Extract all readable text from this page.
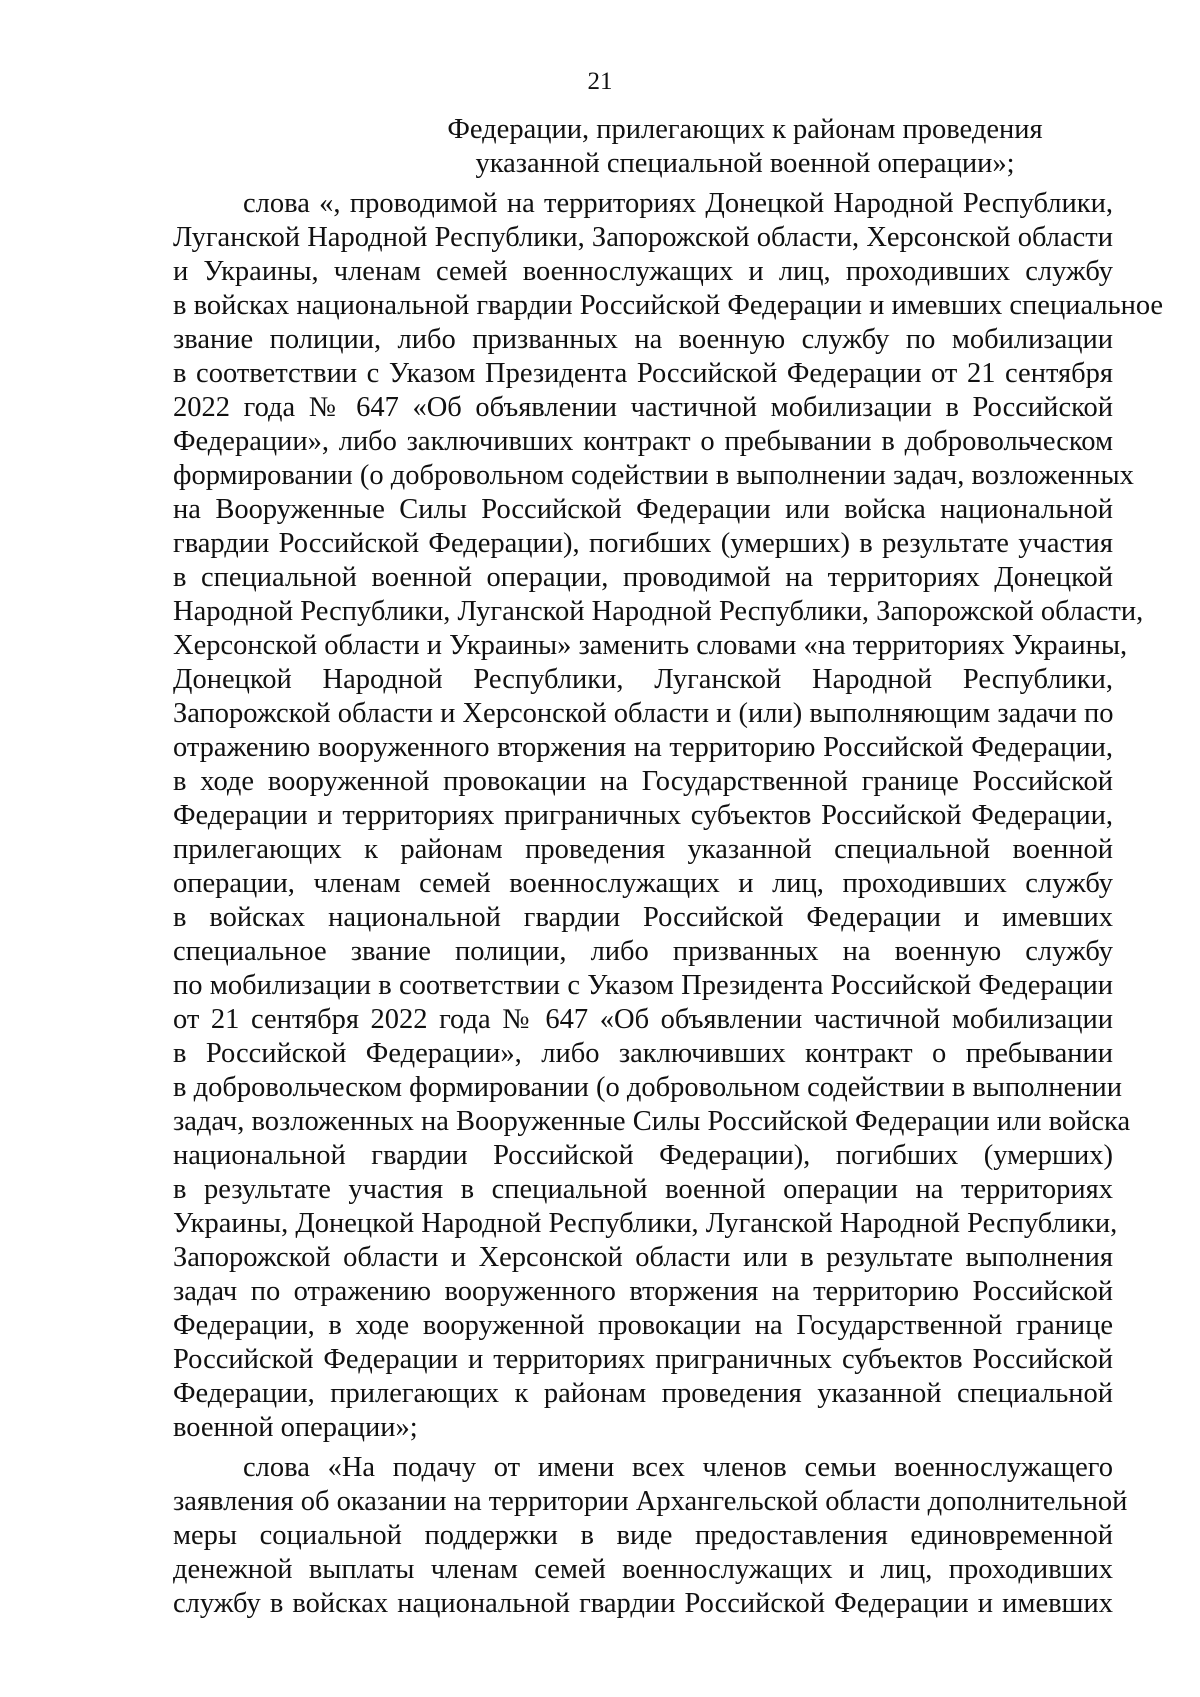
21
Федерации, прилегающих к районам проведения
указанной специальной военной операции»;
слова «, проводимой на территориях Донецкой Народной Республики,
Луганской Народной Республики, Запорожской области, Херсонской области
и Украины, членам семей военнослужащих и лиц, проходивших службу
в войсках национальной гвардии Российской Федерации и имевших специальное
звание полиции, либо призванных на военную службу по мобилизации
в соответствии с Указом Президента Российской Федерации от 21 сентября
2022 года № 647 «Об объявлении частичной мобилизации в Российской
Федерации», либо заключивших контракт о пребывании в добровольческом
формировании (о добровольном содействии в выполнении задач, возложенных
на Вооруженные Силы Российской Федерации или войска национальной
гвардии Российской Федерации), погибших (умерших) в результате участия
в специальной военной операции, проводимой на территориях Донецкой
Народной Республики, Луганской Народной Республики, Запорожской области,
Херсонской области и Украины» заменить словами «на территориях Украины,
Донецкой Народной Республики, Луганской Народной Республики,
Запорожской области и Херсонской области и (или) выполняющим задачи по
отражению вооруженного вторжения на территорию Российской Федерации,
в ходе вооруженной провокации на Государственной границе Российской
Федерации и территориях приграничных субъектов Российской Федерации,
прилегающих к районам проведения указанной специальной военной
операции, членам семей военнослужащих и лиц, проходивших службу
в войсках национальной гвардии Российской Федерации и имевших
специальное звание полиции, либо призванных на военную службу
по мобилизации в соответствии с Указом Президента Российской Федерации
от 21 сентября 2022 года № 647 «Об объявлении частичной мобилизации
в Российской Федерации», либо заключивших контракт о пребывании
в добровольческом формировании (о добровольном содействии в выполнении
задач, возложенных на Вооруженные Силы Российской Федерации или войска
национальной гвардии Российской Федерации), погибших (умерших)
в результате участия в специальной военной операции на территориях
Украины, Донецкой Народной Республики, Луганской Народной Республики,
Запорожской области и Херсонской области или в результате выполнения
задач по отражению вооруженного вторжения на территорию Российской
Федерации, в ходе вооруженной провокации на Государственной границе
Российской Федерации и территориях приграничных субъектов Российской
Федерации, прилегающих к районам проведения указанной специальной
военной операции»;
слова «На подачу от имени всех членов семьи военнослужащего
заявления об оказании на территории Архангельской области дополнительной
меры социальной поддержки в виде предоставления единовременной
денежной выплаты членам семей военнослужащих и лиц, проходивших
службу в войсках национальной гвардии Российской Федерации и имевших
